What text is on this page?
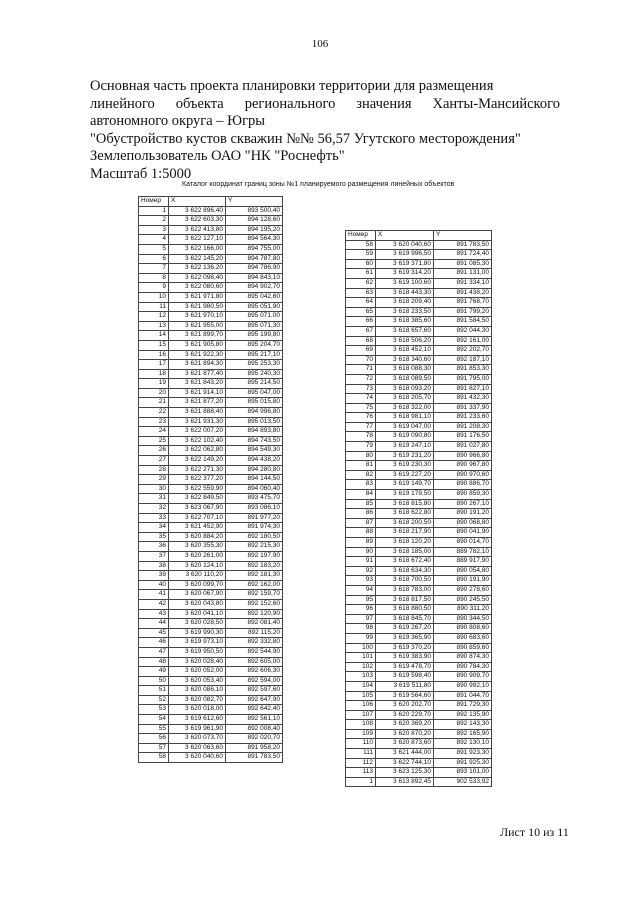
106
Основная часть проекта планировки территории для размещения
линейного объекта регионального значения Ханты-Мансийского
автономного округа – Югры
"Обустройство кустов скважин №№ 56,57 Угутского месторождения"
Землепользователь ОАО "НК "Роснефть"
Масштаб 1:5000
Каталог координат границ зоны №1 планируемого размещения линейных объектов
Номер	X	Y
1	3 622 896,40	893 500,40
2	3 622 603,30	894 128,60
3	3 622 413,80	894 195,20
4	3 622 127,10	894 564,30
5	3 622 166,00	894 755,00
6	3 622 145,20	894 787,80
7	3 622 136,20	894 786,90
8	3 622 098,40	894 843,10
9	3 622 080,60	894 902,70
10	3 621 971,80	895 042,60
11	3 621 980,50	895 051,90
12	3 621 970,10	895 071,00
13	3 621 955,00	895 071,30
14	3 621 899,70	895 199,80
15	3 621 905,80	895 204,70
16	3 621 922,30	895 217,10
17	3 621 894,30	895 253,30
18	3 621 877,40	895 240,30
19	3 621 843,20	895 214,50
20	3 621 914,10	895 047,00
21	3 621 877,20	895 015,80
22	3 621 888,40	894 996,80
23	3 621 931,30	895 013,50
24	3 622 007,20	894 893,80
25	3 622 102,40	894 743,50
26	3 622 062,80	894 549,30
27	3 622 149,20	894 438,20
28	3 622 271,30	894 280,80
29	3 622 377,20	894 144,50
30	3 622 559,90	894 060,40
31	3 622 849,50	893 475,70
32	3 623 067,90	893 086,10
33	3 622 707,10	891 977,20
34	3 621 452,90	891 974,30
35	3 620 884,20	892 180,50
36	3 620 355,30	892 215,30
37	3 620 261,00	892 197,90
38	3 620 124,10	892 183,20
39	3 620 110,20	892 181,30
40	3 620 099,70	892 162,00
41	3 620 067,90	892 159,70
42	3 620 043,80	892 152,60
43	3 620 041,10	892 120,90
44	3 620 028,50	892 081,40
45	3 619 990,30	892 115,20
46	3 619 973,10	892 332,80
47	3 619 950,50	892 544,90
48	3 620 028,40	892 605,00
49	3 620 052,00	892 606,30
50	3 620 053,40	892 594,00
51	3 620 086,10	892 597,60
52	3 620 082,70	892 647,90
53	3 620 018,00	892 642,40
54	3 619 612,60	892 561,10
55	3 619 961,90	892 008,40
56	3 620 073,70	892 020,70
57	3 620 063,60	891 958,20
58	3 620 040,60	891 783,50
Номер	X	Y
58	3 620 040,60	891 783,50
59	3 619 996,50	891 724,40
60	3 619 371,80	891 085,30
61	3 619 314,20	891 131,00
62	3 619 100,60	891 334,10
63	3 618 443,30	891 438,20
64	3 618 209,40	891 768,70
65	3 618 233,50	891 799,20
66	3 618 385,60	891 584,50
67	3 618 657,60	892 044,30
68	3 618 506,20	892 161,00
69	3 618 452,10	892 202,70
70	3 618 340,60	892 187,10
71	3 618 088,30	891 853,30
72	3 618 089,50	891 795,00
73	3 618 093,20	891 827,10
74	3 618 205,70	891 432,30
75	3 618 322,00	891 337,90
76	3 618 981,10	891 233,60
77	3 619 047,00	891 208,30
78	3 619 090,80	891 176,50
79	3 619 247,10	891 027,80
80	3 619 231,20	890 966,80
81	3 619 230,30	890 967,80
82	3 619 227,20	890 970,60
83	3 619 149,70	890 886,70
84	3 619 179,50	890 859,30
85	3 618 815,80	890 267,10
86	3 618 622,80	890 191,20
87	3 618 200,50	890 068,80
88	3 618 217,90	890 041,90
89	3 618 120,20	890 014,70
90	3 618 185,00	889 782,10
91	3 618 672,40	889 917,90
92	3 618 634,30	890 054,80
93	3 618 700,50	890 191,90
94	3 618 783,00	890 278,60
95	3 618 817,50	890 245,50
96	3 618 880,50	890 311,20
97	3 618 845,70	890 344,50
98	3 619 267,20	890 808,60
99	3 619 365,90	890 683,60
100	3 619 370,20	890 859,60
101	3 619 383,90	890 874,30
102	3 619 478,70	890 784,30
103	3 619 598,40	890 909,70
104	3 619 511,80	890 992,10
105	3 619 564,60	891 044,70
106	3 620 202,70	891 729,30
107	3 620 229,70	892 135,90
108	3 620 369,20	892 143,30
109	3 620 870,20	892 165,90
110	3 620 873,60	892 130,10
111	3 621 444,00	891 923,30
112	3 622 744,10	891 925,30
113	3 623 125,30	893 101,00
1	3 613 892,45	902 533,92
Лист 10 из 11
